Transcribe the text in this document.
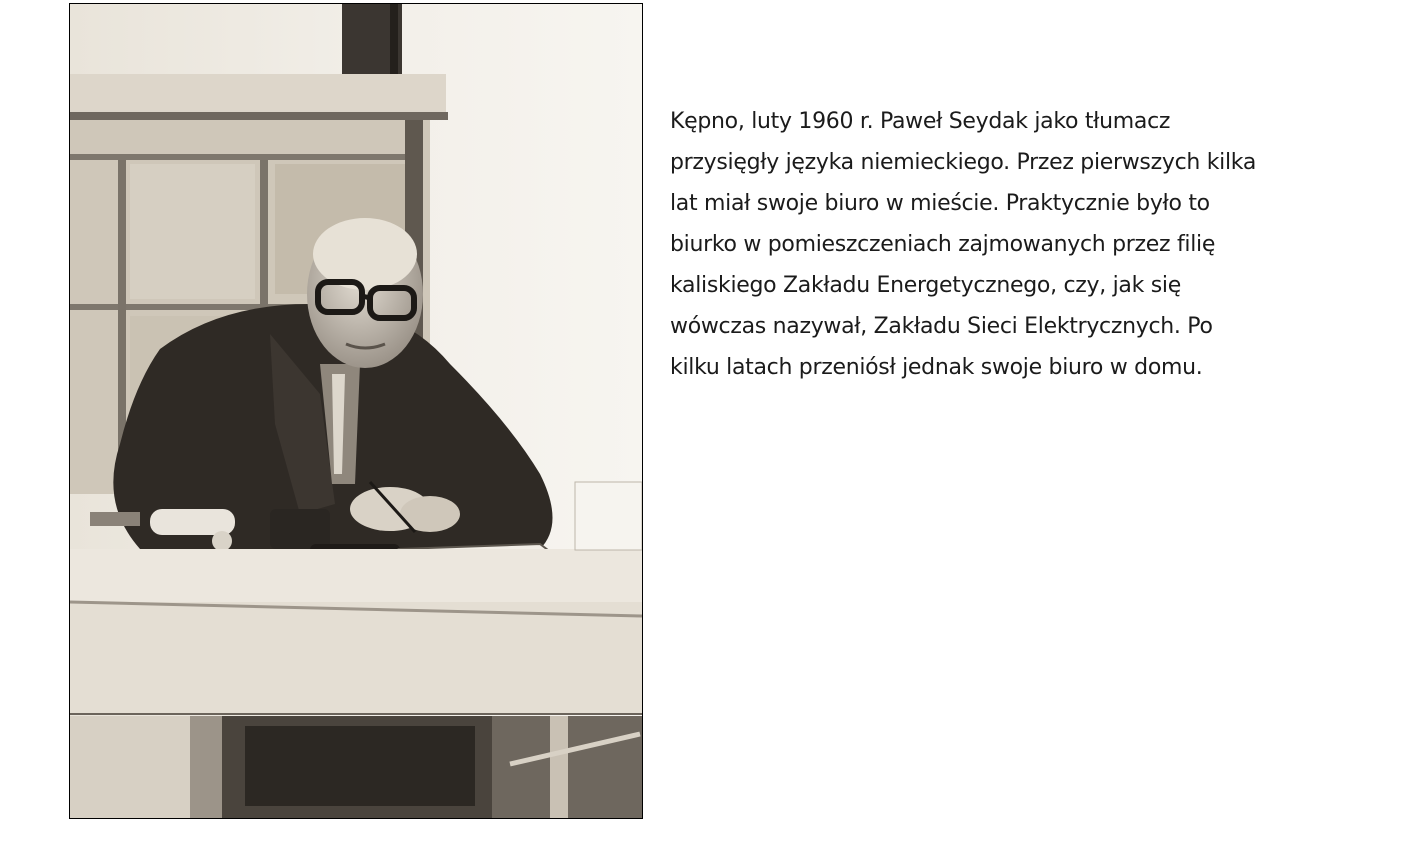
Kępno, luty 1960 r. Paweł Seydak jako tłumacz
przysięgły języka niemieckiego. Przez pierwszych kilka
lat miał swoje biuro w mieście. Praktycznie było to
biurko w pomieszczeniach zajmowanych przez filię
kaliskiego Zakładu Energetycznego, czy, jak się
wówczas nazywał, Zakładu Sieci Elektrycznych. Po
kilku latach przeniósł jednak swoje biuro w domu.
